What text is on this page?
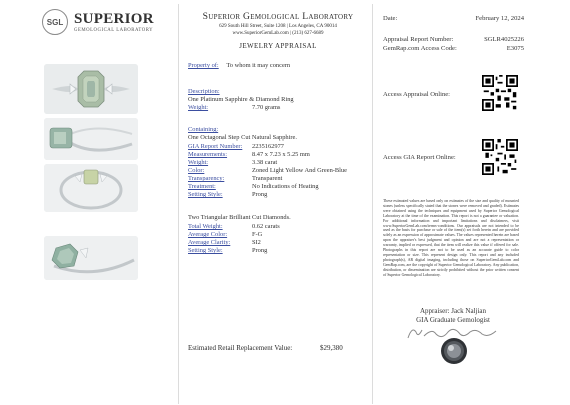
SGL SUPERIOR
GEMOLOGICAL LABORATORY
Superior Gemological Laboratory
629 South Hill Street, Suite 1208 | Los Angeles, CA 90014
www.SuperiorGemLab.com | (213) 627-6689
JEWELRY APPRAISAL
Property of: To whom it may concern
Description:
One Platinum Sapphire & Diamond Ring
Weight:	7.70 grams
Containing:
One Octagonal Step Cut Natural Sapphire.
GIA Report Number: 2235162977
Measurements:	8.47 x 7.23 x 5.25 mm
Weight:	3.38 carat
Color:	Zoned Light Yellow And Green-Blue
Transparency:	Transparent
Treatment:	No Indications of Heating
Setting Style:	Prong
Two Triangular Brilliant Cut Diamonds.
Total Weight:	0.62 carats
Average Color:	F-G
Average Clarity:	SI2
Setting Style:	Prong
Estimated Retail Replacement Value:	$29,380
Date:	February 12, 2024
Appraisal Report Number:	SGLR4025226
GemRap.com Access Code:	E3075
Access Appraisal Online:
Access GIA Report Online:
These estimated values are based only on estimates of the size and quality of mounted stones (unless specifically stated that the stones were removed and graded). Estimates were obtained using the techniques and equipment used by Superior Gemological Laboratory at the time of the examination. This report is not a guarantee or valuation. For additional information and important limitations and disclaimers, visit www.SuperiorGemLab.com/terms-conditions. Our appraisals are not intended to be used as the basis for purchase or sale of the item(s) set forth herein and are provided solely as an expression of approximate values. The values represented herein are based upon the appraiser's best judgment and opinion and are not a representation or warranty, implied or expressed, that the item will realize this value if offered for sale. Photographs in this report are not to be used as an accurate guide to color representation or size. This represent design only. This report and any included photograph(s), AR digital imaging, including those on SuperiorGemLab.com and GemRap.com, are the copyright of Superior Gemological Laboratory. Any publication, distribution, or dissemination are strictly prohibited without the prior written consent of Superior Gemological Laboratory.
Appraiser: Jack Naljian
GIA Graduate Gemologist
